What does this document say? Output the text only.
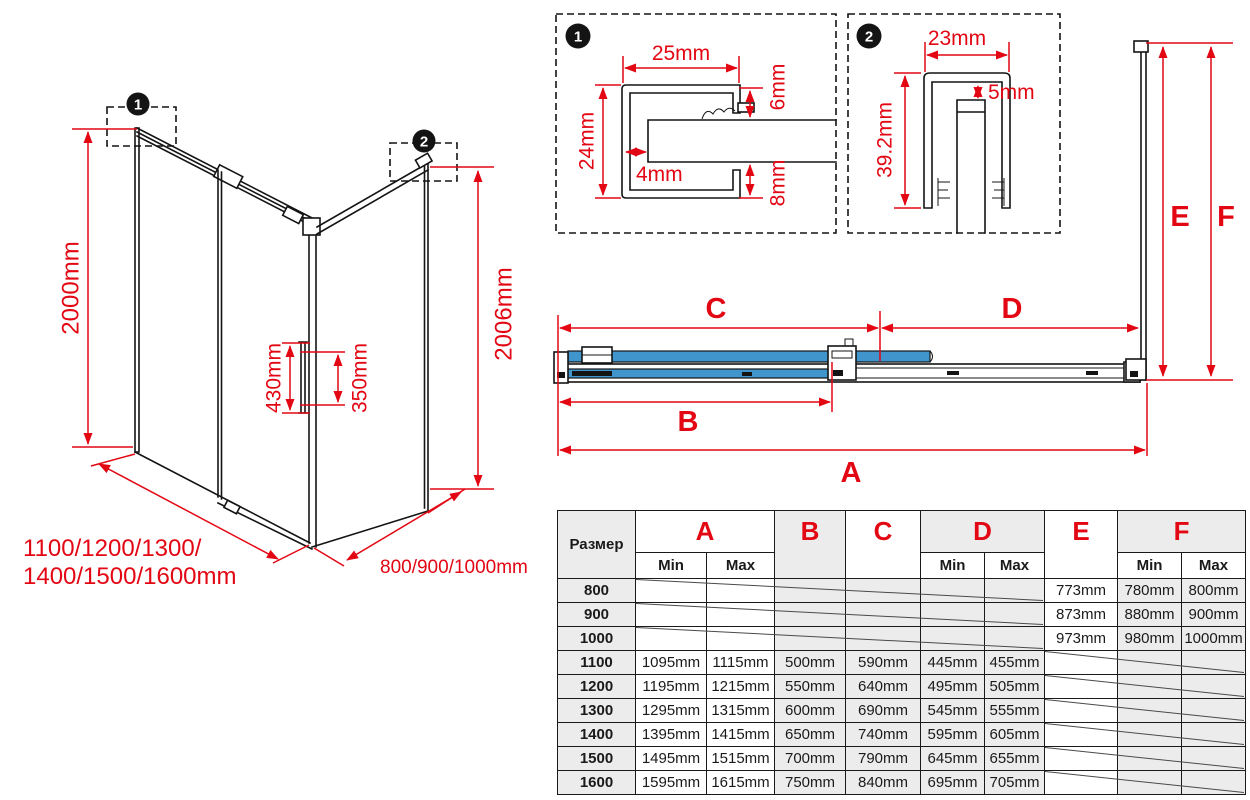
1
2
2000mm	2006mm
430mm	350mm
1100/1200/1300/
1400/1500/1600mm	800/900/1000mm
1
25mm
24mm
4mm
6mm
8mm
2	23mm
5mm
39.2mm
C	D
B
A
E F
Размер	A		B	C	D		E	F	
	Min	Max			Min	Max		Min	Max
800							773mm	780mm	800mm
900							873mm	880mm	900mm
1000							973mm	980mm	1000mm
1100	1095mm	1115mm	500mm	590mm	445mm	455mm			
1200	1195mm	1215mm	550mm	640mm	495mm	505mm			
1300	1295mm	1315mm	600mm	690mm	545mm	555mm			
1400	1395mm	1415mm	650mm	740mm	595mm	605mm			
1500	1495mm	1515mm	700mm	790mm	645mm	655mm			
1600	1595mm	1615mm	750mm	840mm	695mm	705mm			
